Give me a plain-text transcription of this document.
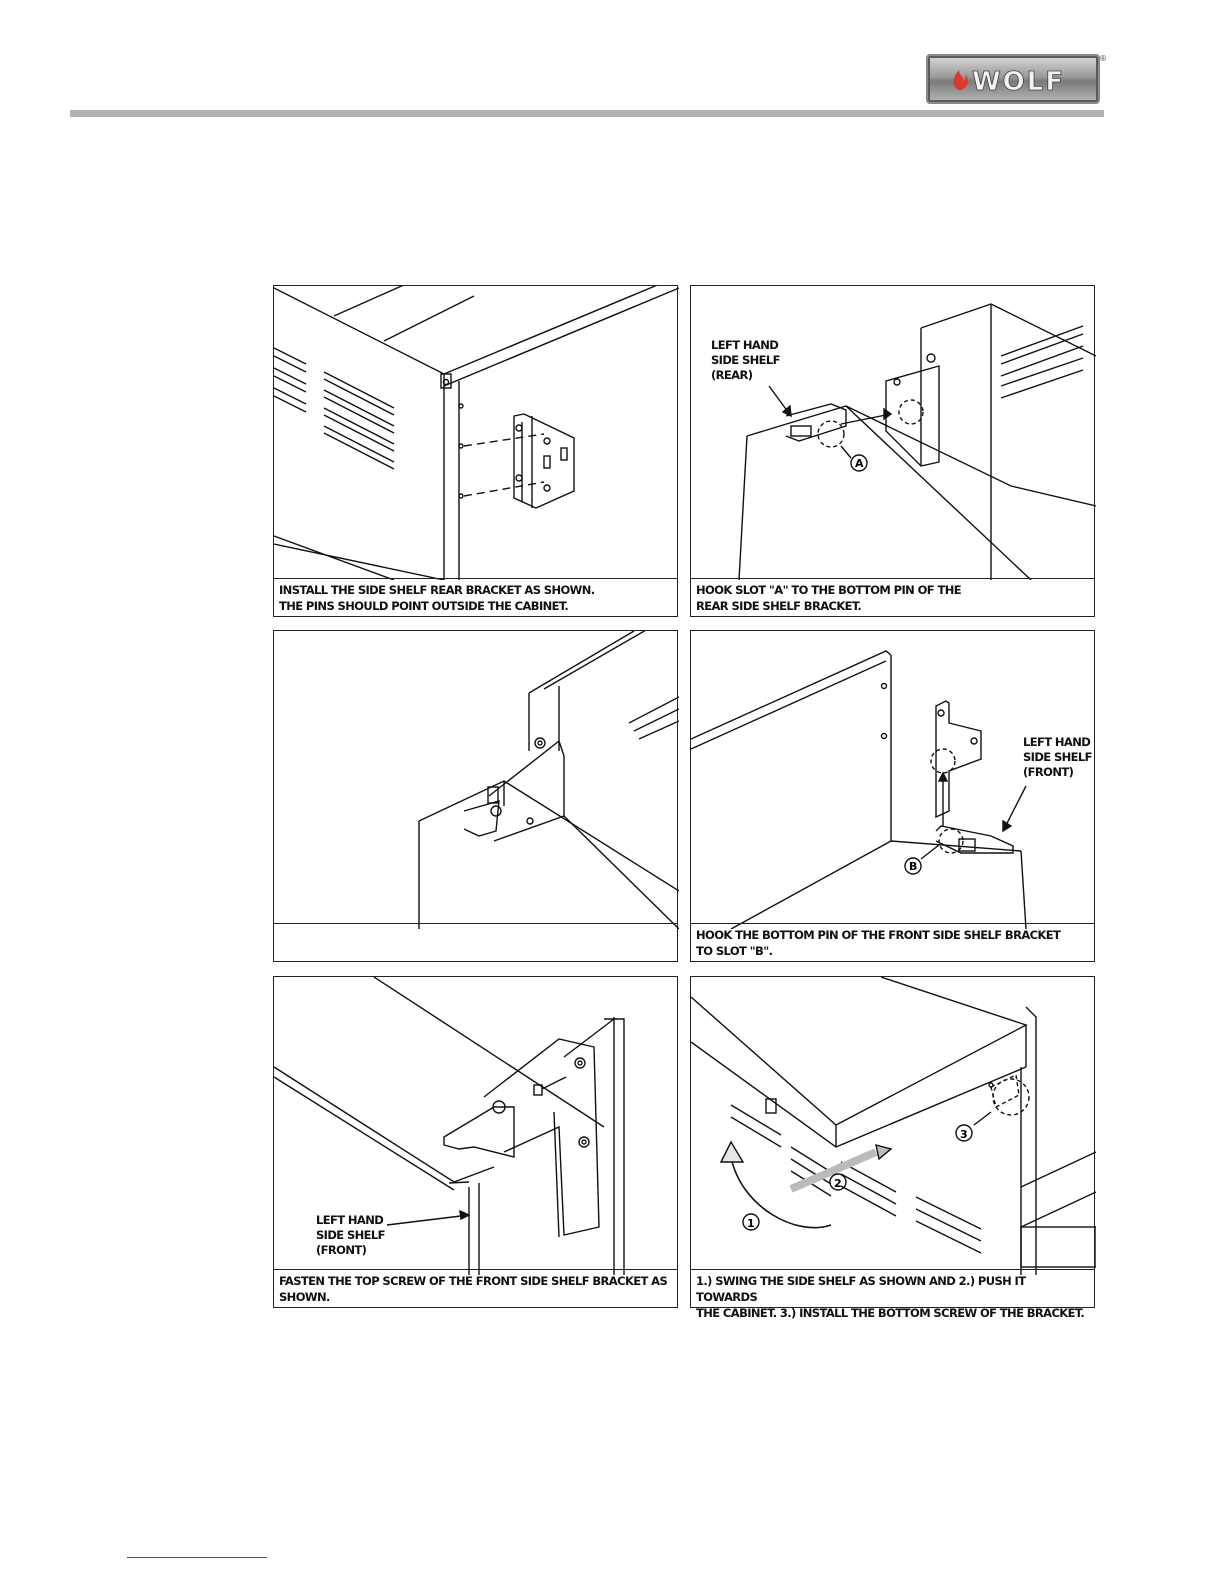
WOLF
®
INSTALL THE SIDE SHELF REAR BRACKET AS SHOWN.
THE PINS SHOULD POINT OUTSIDE THE CABINET.
A
LEFT HAND
SIDE SHELF
(REAR)
HOOK SLOT "A" TO THE BOTTOM PIN OF THE
REAR SIDE SHELF BRACKET.
B
LEFT HAND
SIDE SHELF
(FRONT)
HOOK THE BOTTOM PIN OF THE FRONT SIDE SHELF BRACKET
TO SLOT "B".
LEFT HAND
SIDE SHELF
(FRONT)
FASTEN THE TOP SCREW OF THE FRONT SIDE SHELF BRACKET AS
SHOWN.
1
2
3
1.) SWING THE SIDE SHELF AS SHOWN AND 2.) PUSH IT TOWARDS
THE CABINET. 3.) INSTALL THE BOTTOM SCREW OF THE BRACKET.
